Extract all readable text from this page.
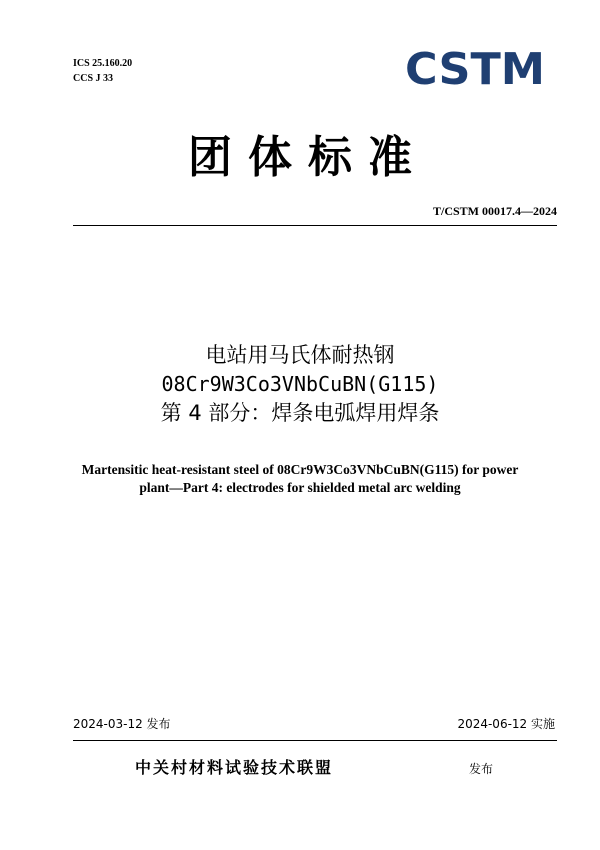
ICS 25.160.20
CCS J 33	CSTM
团体标准
T/CSTM 00017.4—2024
电站用马氏体耐热钢
08Cr9W3Co3VNbCuBN(G115)
第 4 部分：焊条电弧焊用焊条
Martensitic heat-resistant steel of 08Cr9W3Co3VNbCuBN(G115) for power
plant—Part 4: electrodes for shielded metal arc welding
2024-03-12 发布	2024-06-12 实施
中关村材料试验技术联盟	发布
